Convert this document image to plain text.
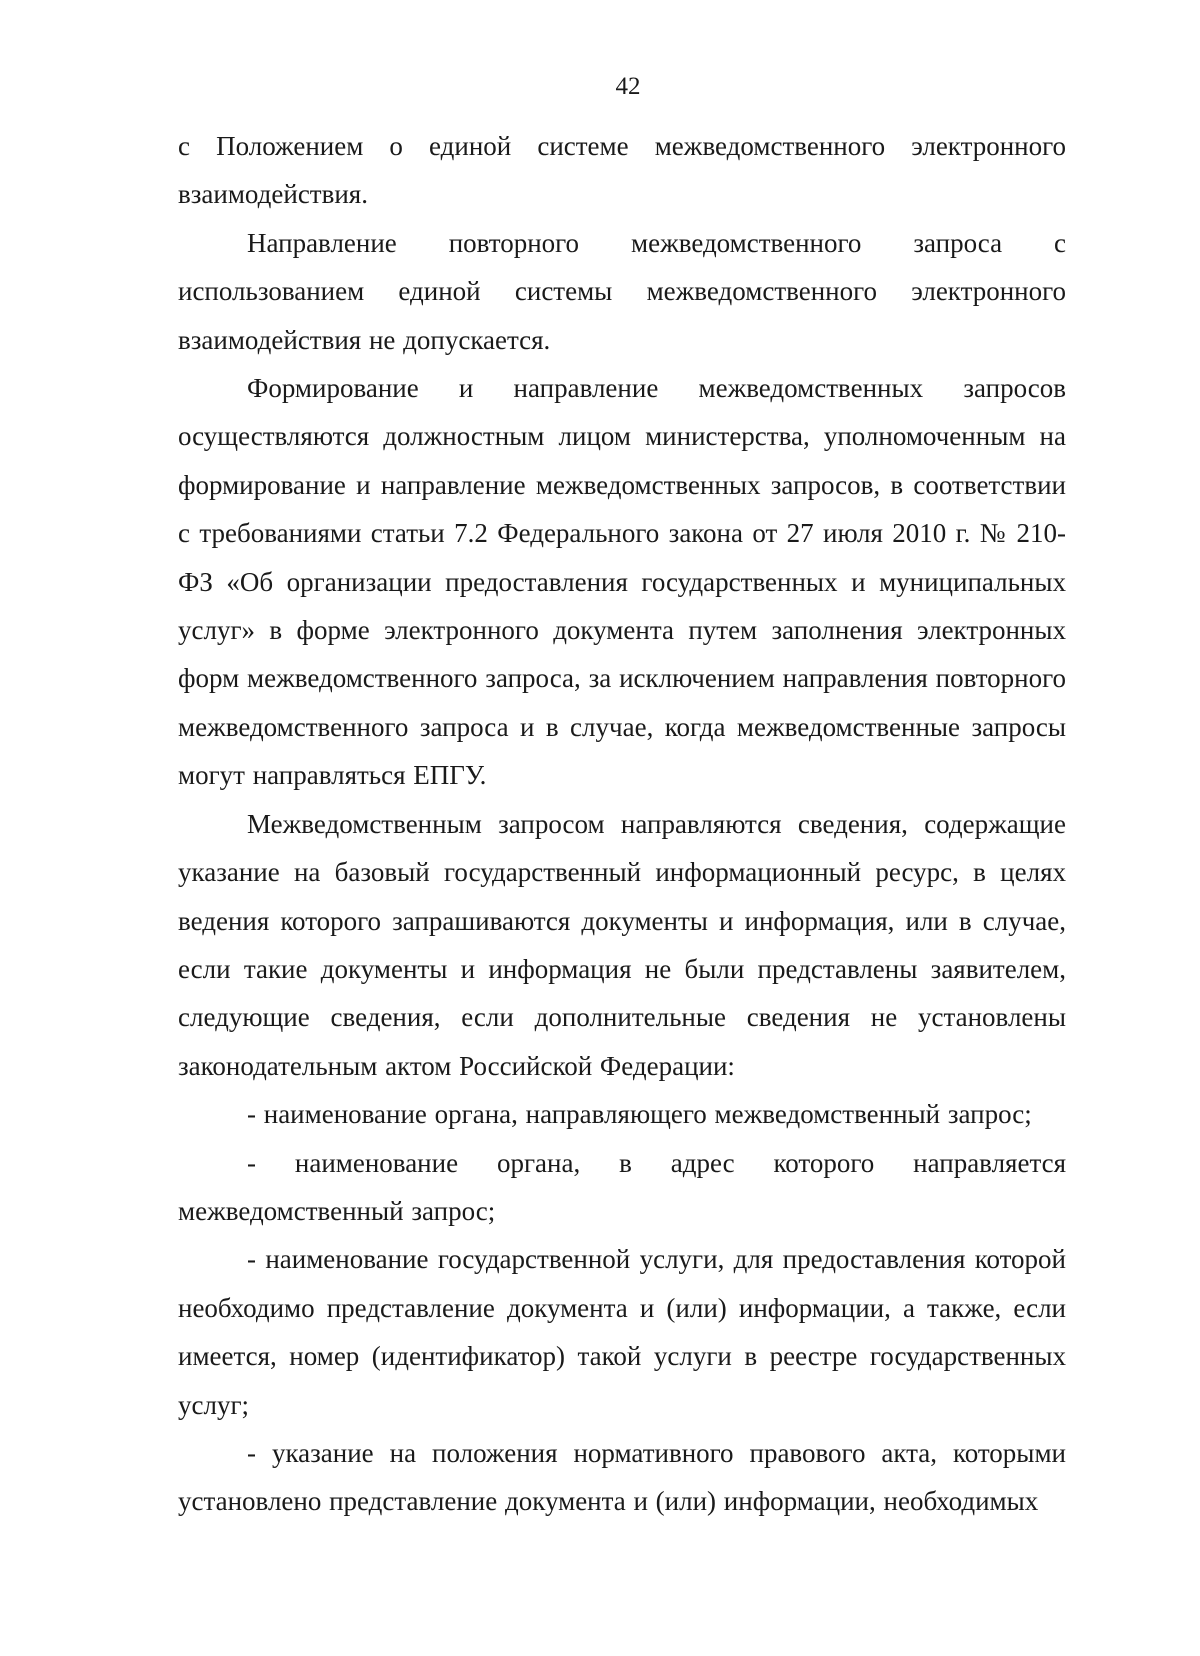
42

с Положением о единой системе межведомственного электронного взаимодействия.

Направление повторного межведомственного запроса с использованием единой системы межведомственного электронного взаимодействия не допускается.

Формирование и направление межведомственных запросов осуществляются должностным лицом министерства, уполномоченным на формирование и направление межведомственных запросов, в соответствии с требованиями статьи 7.2 Федерального закона от 27 июля 2010 г. № 210-ФЗ «Об организации предоставления государственных и муниципальных услуг» в форме электронного документа путем заполнения электронных форм межведомственного запроса, за исключением направления повторного межведомственного запроса и в случае, когда межведомственные запросы могут направляться ЕПГУ.

Межведомственным запросом направляются сведения, содержащие указание на базовый государственный информационный ресурс, в целях ведения которого запрашиваются документы и информация, или в случае, если такие документы и информация не были представлены заявителем, следующие сведения, если дополнительные сведения не установлены законодательным актом Российской Федерации:

- наименование органа, направляющего межведомственный запрос;

- наименование органа, в адрес которого направляется межведомственный запрос;

- наименование государственной услуги, для предоставления которой необходимо представление документа и (или) информации, а также, если имеется, номер (идентификатор) такой услуги в реестре государственных услуг;

- указание на положения нормативного правового акта, которыми установлено представление документа и (или) информации, необходимых
